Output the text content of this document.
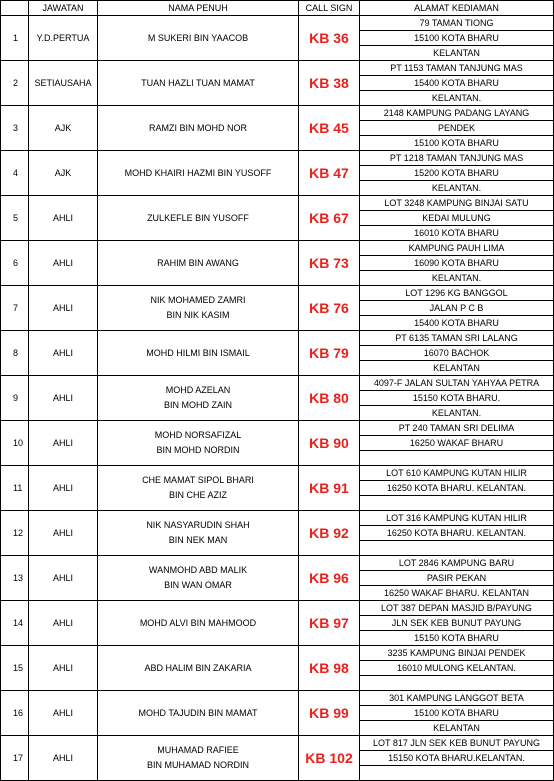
	JAWATAN	NAMA PENUH	CALL SIGN	ALAMAT KEDIAMAN
1	Y.D.PERTUA	M SUKERI BIN YAACOB	KB 36	79 TAMAN TIONG
15100 KOTA BHARU
KELANTAN

2	SETIAUSAHA	TUAN HAZLI TUAN MAMAT	KB 38	PT 1153 TAMAN TANJUNG MAS
15400 KOTA BHARU
KELANTAN.

3	AJK	RAMZI BIN MOHD NOR	KB 45	2148 KAMPUNG PADANG LAYANG
PENDEK
15100 KOTA BHARU

4	AJK	MOHD KHAIRI HAZMI BIN YUSOFF	KB 47	PT 1218 TAMAN TANJUNG MAS
15200 KOTA BHARU
KELANTAN.

5	AHLI	ZULKEFLE BIN YUSOFF	KB 67	LOT 3248 KAMPUNG BINJAI SATU
KEDAI MULUNG
16010 KOTA BHARU

6	AHLI	RAHIM BIN AWANG	KB 73	KAMPUNG PAUH LIMA
16090 KOTA BHARU
KELANTAN.

7	AHLI	NIK MOHAMED ZAMRI
BIN NIK KASIM	KB 76	LOT 1296 KG BANGGOL
JALAN P C B
15400 KOTA BHARU

8	AHLI	MOHD HILMI BIN ISMAIL	KB 79	PT 6135 TAMAN SRI LALANG
16070 BACHOK
KELANTAN

9	AHLI	MOHD AZELAN
BIN MOHD ZAIN	KB 80	4097-F JALAN SULTAN YAHYAA PETRA
15150 KOTA BHARU.
KELANTAN.

10	AHLI	MOHD NORSAFIZAL
BIN MOHD NORDIN	KB 90	PT 240 TAMAN SRI DELIMA
16250 WAKAF BHARU

11	AHLI	CHE MAMAT SIPOL BHARI
BIN CHE AZIZ	KB 91	LOT 610 KAMPUNG KUTAN HILIR
16250 KOTA BHARU. KELANTAN.

12	AHLI	NIK NASYARUDIN SHAH
BIN NEK MAN	KB 92	LOT 316 KAMPUNG KUTAN HILIR
16250 KOTA BHARU. KELANTAN.

13	AHLI	WANMOHD ABD MALIK
BIN WAN OMAR	KB 96	LOT 2846 KAMPUNG BARU
PASIR PEKAN
16250 WAKAF BHARU. KELANTAN

14	AHLI	MOHD ALVI BIN MAHMOOD	KB 97	LOT 387 DEPAN MASJID B/PAYUNG
JLN SEK KEB BUNUT PAYUNG
15150 KOTA BHARU

15	AHLI	ABD HALIM BIN ZAKARIA	KB 98	3235 KAMPUNG BINJAI PENDEK
16010 MULONG KELANTAN.

16	AHLI	MOHD TAJUDIN BIN MAMAT	KB 99	301 KAMPUNG LANGGOT BETA
15100 KOTA BHARU
KELANTAN

17	AHLI	MUHAMAD RAFIEE
BIN MUHAMAD NORDIN	KB 102	LOT 817 JLN SEK KEB BUNUT PAYUNG
15150 KOTA BHARU.KELANTAN.
